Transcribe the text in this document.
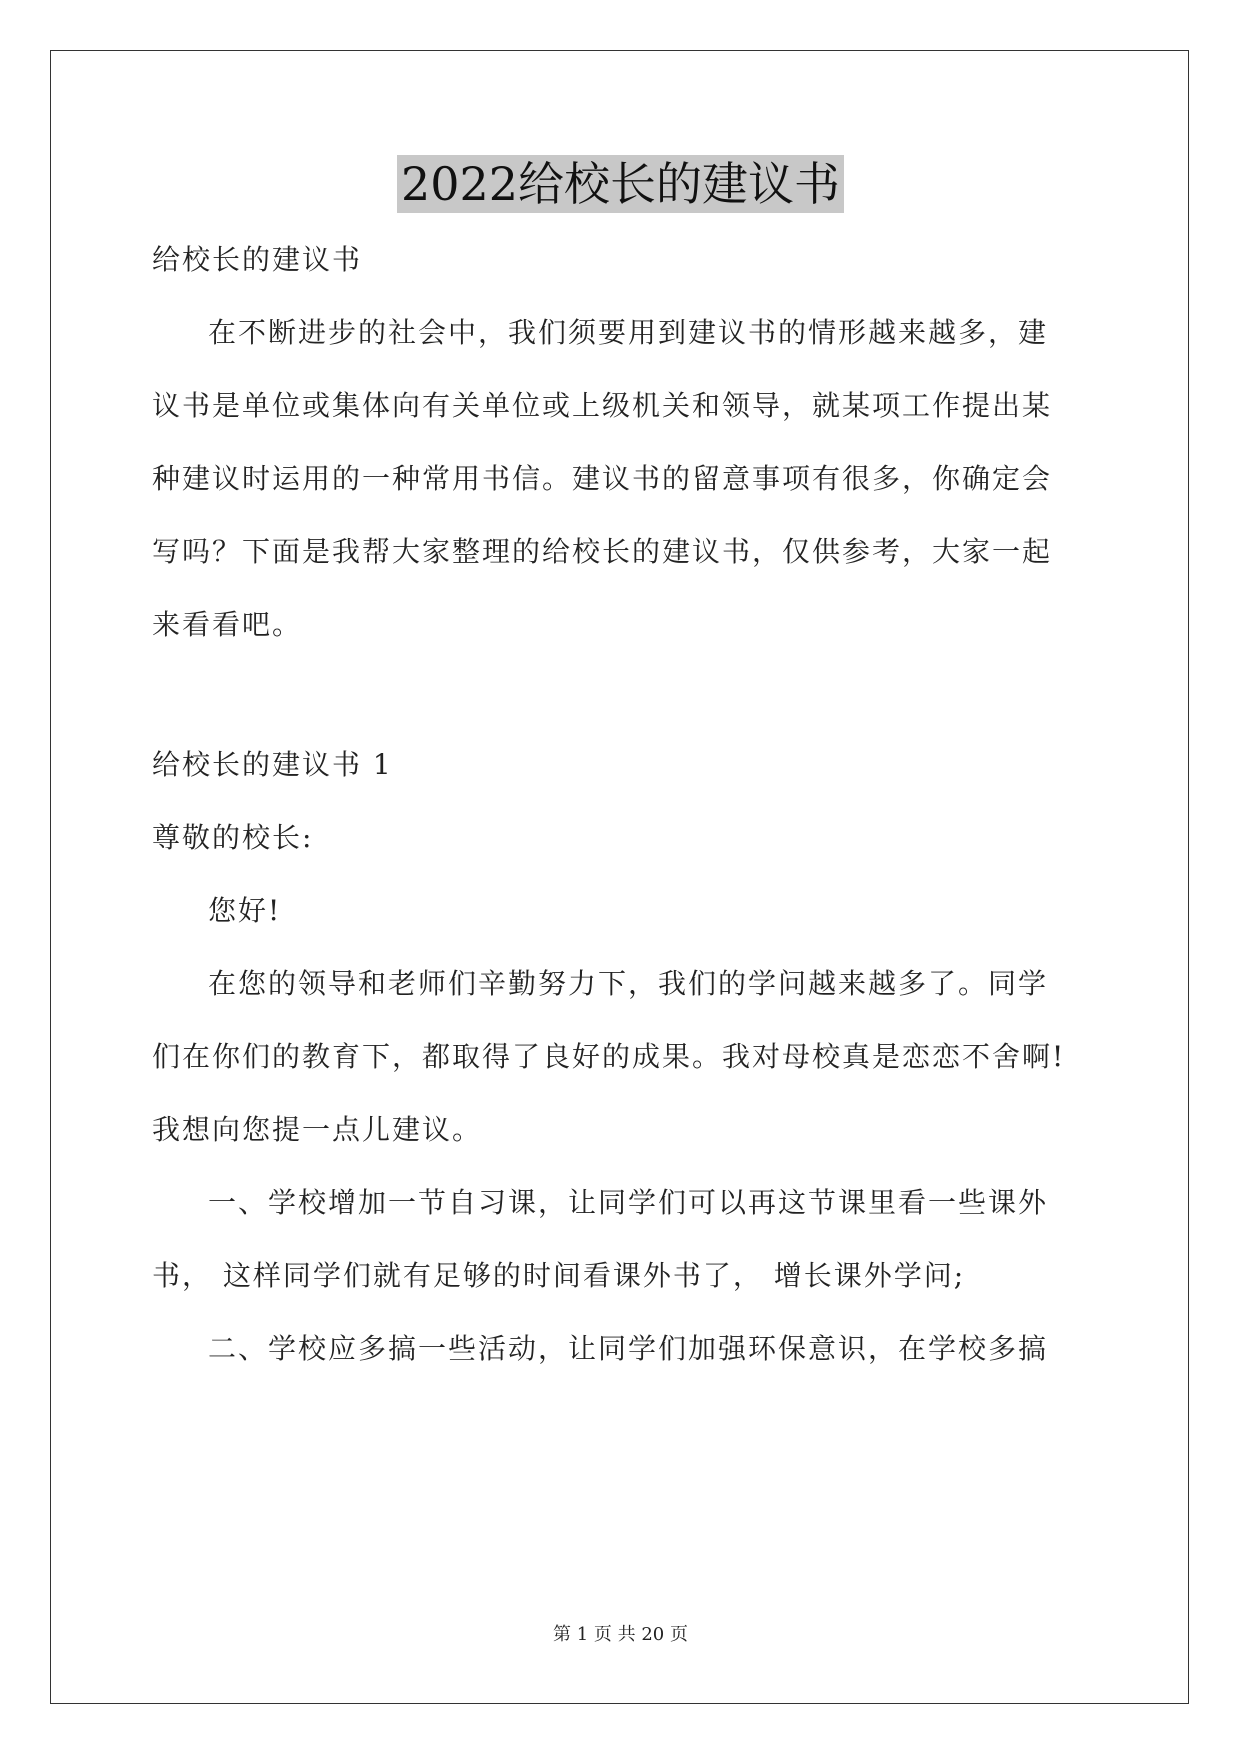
2022给校长的建议书
给校长的建议书
在不断进步的社会中，我们须要用到建议书的情形越来越多，建
议书是单位或集体向有关单位或上级机关和领导，就某项工作提出某
种建议时运用的一种常用书信。建议书的留意事项有很多，你确定会
写吗？下面是我帮大家整理的给校长的建议书，仅供参考，大家一起
来看看吧。
给校长的建议书 1
尊敬的校长:
您好!
在您的领导和老师们辛勤努力下，我们的学问越来越多了。同学
们在你们的教育下，都取得了良好的成果。我对母校真是恋恋不舍啊!
我想向您提一点儿建议。
一、学校增加一节自习课，让同学们可以再这节课里看一些课外
书， 这样同学们就有足够的时间看课外书了， 增长课外学问;
二、学校应多搞一些活动，让同学们加强环保意识，在学校多搞
第 1 页 共 20 页
